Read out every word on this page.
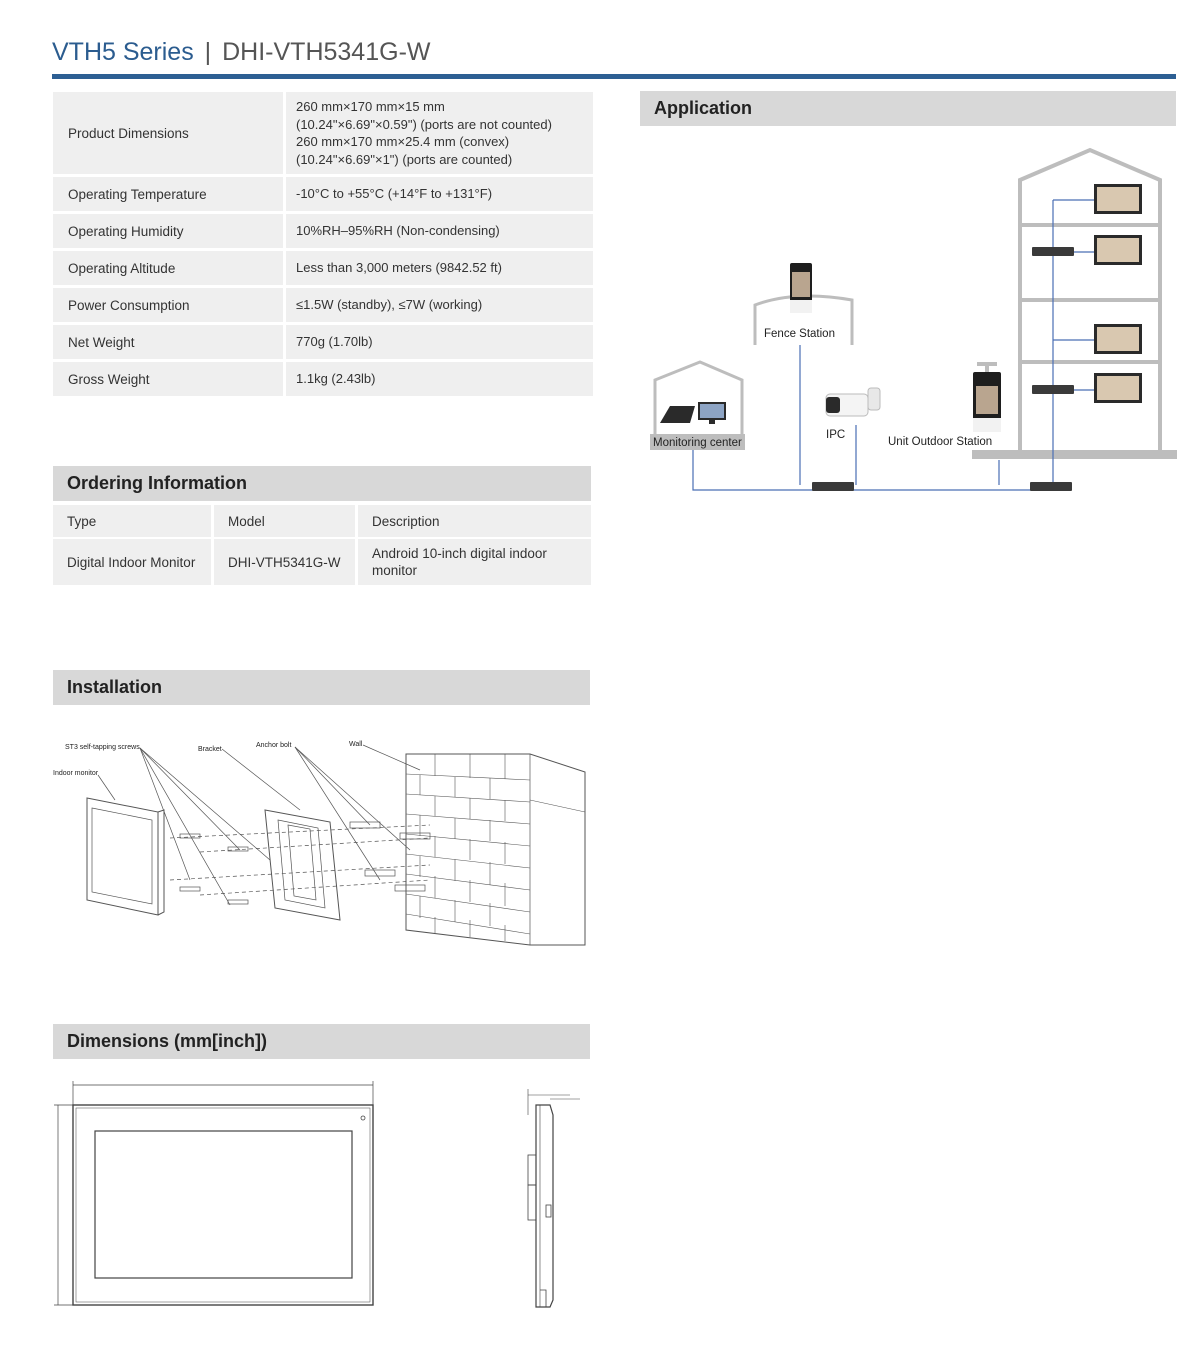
VTH5 Series | DHI-VTH5341G-W
Product Dimensions	260 mm×170 mm×15 mm
(10.24"×6.69"×0.59") (ports are not counted)
260 mm×170 mm×25.4 mm (convex)
(10.24"×6.69"×1") (ports are counted)

Operating Temperature	-10°C to +55°C (+14°F to +131°F)
Operating Humidity	10%RH–95%RH (Non-condensing)
Operating Altitude	Less than 3,000 meters (9842.52 ft)
Power Consumption	≤1.5W (standby), ≤7W (working)
Net Weight	770g (1.70lb)
Gross Weight	1.1kg (2.43lb)
Ordering Information
Type	Model	Description
Digital Indoor Monitor	DHI-VTH5341G-W	Android 10-inch digital indoor monitor
Installation
ST3 self-tapping screws
Indoor monitor
Bracket
Anchor bolt	Wall
Dimensions (mm[inch])

Application
Monitoring center
Fence Station
IPC
Unit Outdoor Station
